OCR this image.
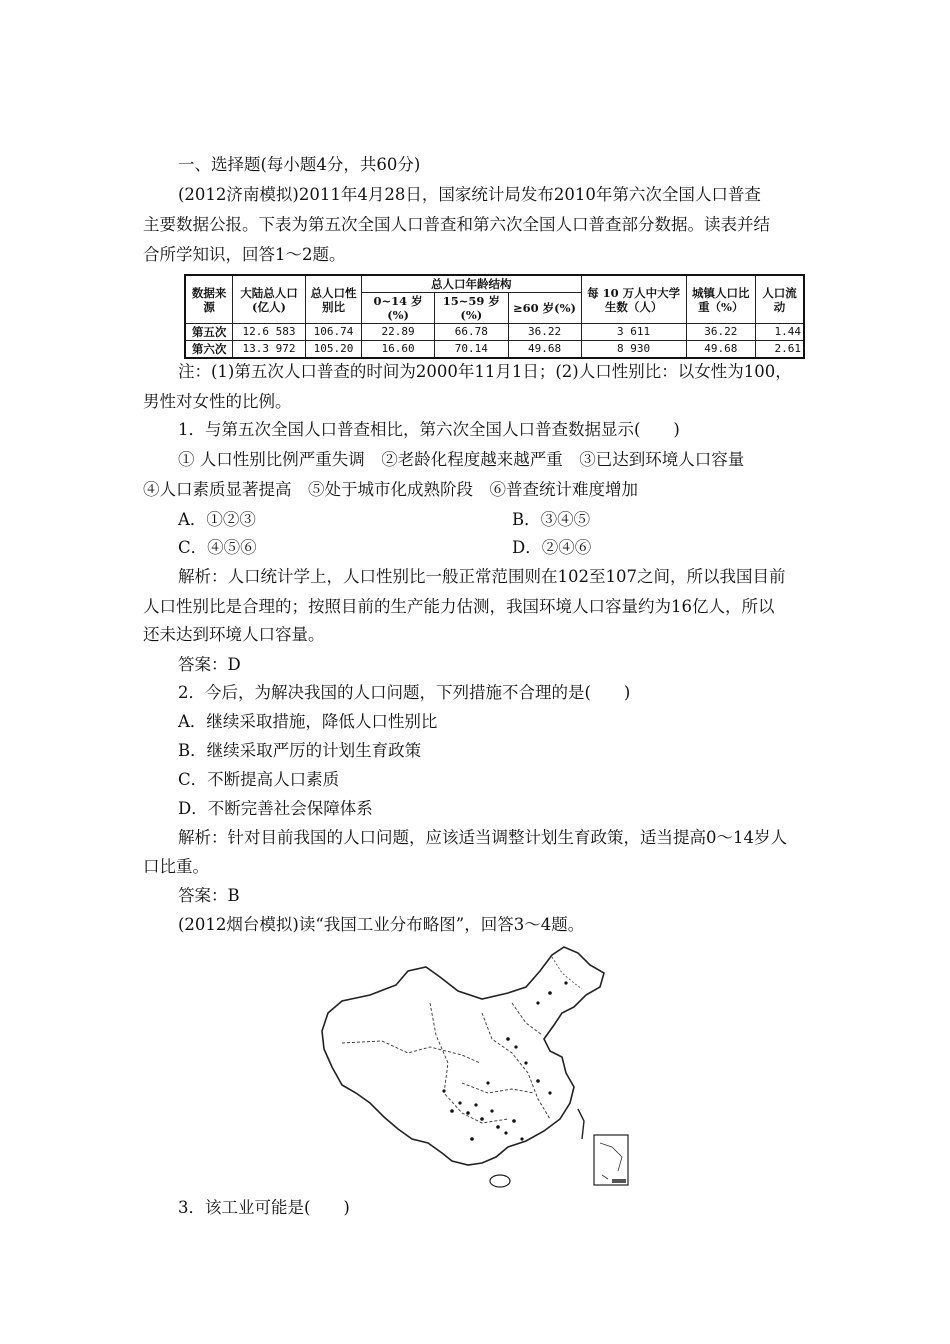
一、选择题(每小题4分，共60分)
(2012济南模拟)2011年4月28日，国家统计局发布2010年第六次全国人口普查
主要数据公报。下表为第五次全国人口普查和第六次全国人口普查部分数据。读表并结
合所学知识，回答1～2题。
数据来源	大陆总人口(亿人)	总人口性别比	总人口年龄结构			每 10 万人中大学生数（人）	城镇人口比重（%）	人口流动
			0~14 岁(%)	15~59 岁(%)	≥60 岁(%)			
第五次	12.6 583	106.74	22.89	66.78	36.22	3 611	36.22	1.44
第六次	13.3 972	105.20	16.60	70.14	49.68	8 930	49.68	2.61
注：(1)第五次人口普查的时间为2000年11月1日；(2)人口性别比：以女性为100，
男性对女性的比例。
1．与第五次全国人口普查相比，第六次全国人口普查数据显示(　　)
① 人口性别比例严重失调　②老龄化程度越来越严重　③已达到环境人口容量
④人口素质显著提高　⑤处于城市化成熟阶段　⑥普查统计难度增加
A．①②③	B．③④⑤
C．④⑤⑥	D．②④⑥
解析：人口统计学上，人口性别比一般正常范围则在102至107之间，所以我国目前
人口性别比是合理的；按照目前的生产能力估测，我国环境人口容量约为16亿人，所以
还未达到环境人口容量。
答案：D
2．今后，为解决我国的人口问题，下列措施不合理的是(　　)
A．继续采取措施，降低人口性别比
B．继续采取严厉的计划生育政策
C．不断提高人口素质
D．不断完善社会保障体系
解析：针对目前我国的人口问题，应该适当调整计划生育政策，适当提高0～14岁人
口比重。
答案：B
(2012烟台模拟)读“我国工业分布略图”，回答3～4题。
3．该工业可能是(　　)
